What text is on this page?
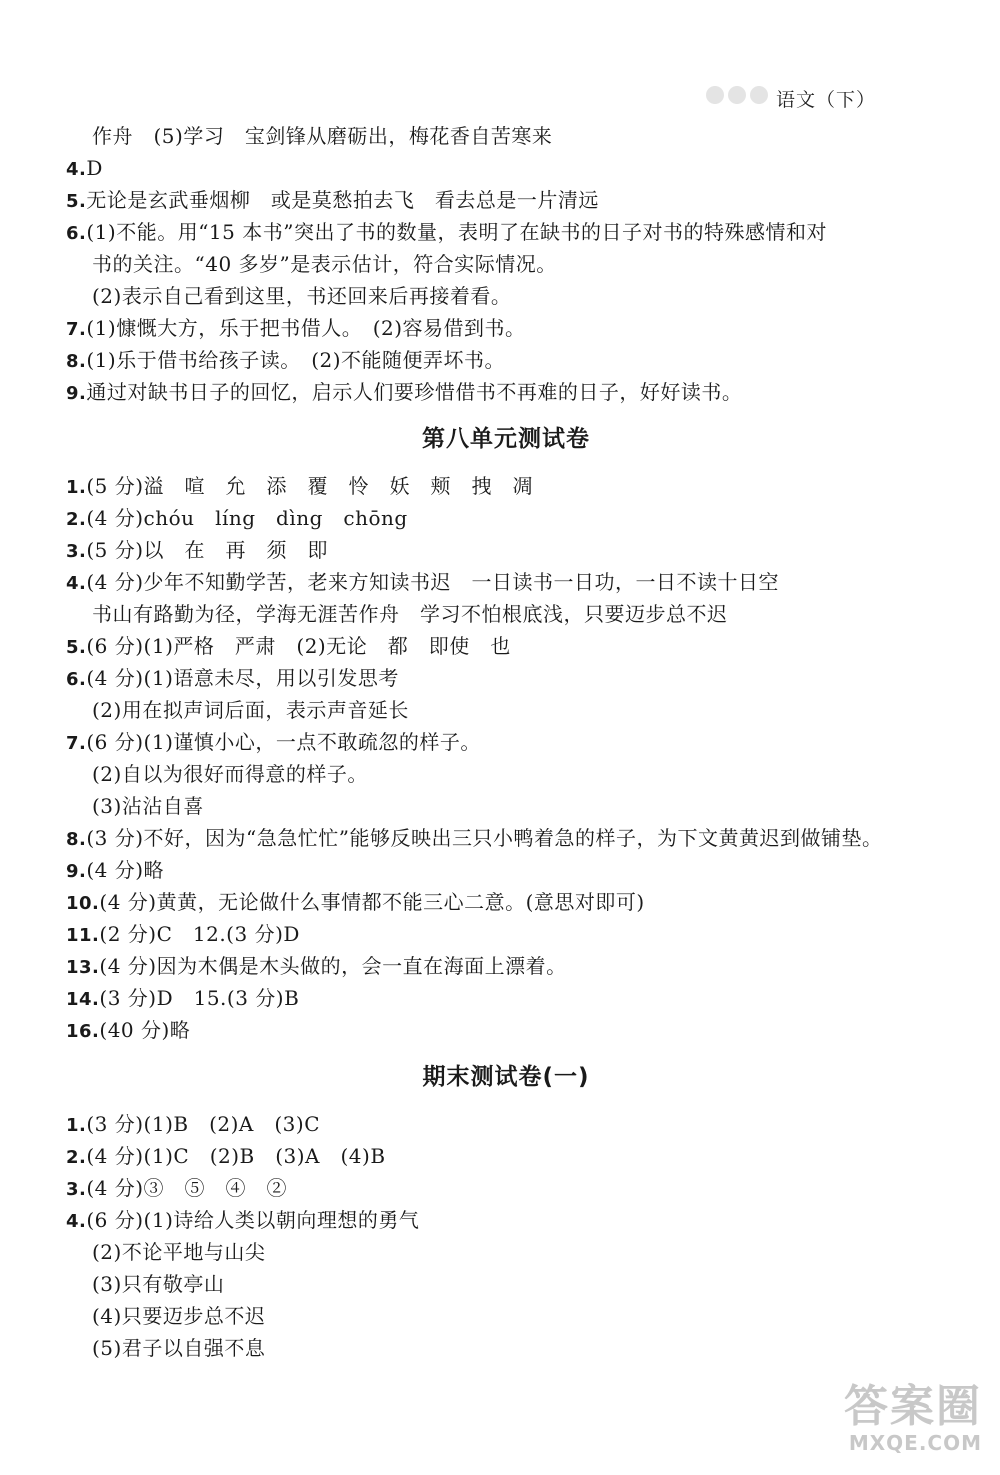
语文（下）
作舟　(5)学习　宝剑锋从磨砺出，梅花香自苦寒来
4.D
5.无论是玄武垂烟柳　或是莫愁拍去飞　看去总是一片清远
6.(1)不能。用“15 本书”突出了书的数量，表明了在缺书的日子对书的特殊感情和对
书的关注。“40 多岁”是表示估计，符合实际情况。
(2)表示自己看到这里，书还回来后再接着看。
7.(1)慷慨大方，乐于把书借人。　(2)容易借到书。
8.(1)乐于借书给孩子读。　(2)不能随便弄坏书。
9.通过对缺书日子的回忆，启示人们要珍惜借书不再难的日子，好好读书。
第八单元测试卷
1.(5 分)溢　喧　允　添　覆　怜　妖　颊　拽　凋
2.(4 分)chóu　líng　dìng　chōng
3.(5 分)以　在　再　须　即
4.(4 分)少年不知勤学苦，老来方知读书迟　一日读书一日功，一日不读十日空
书山有路勤为径，学海无涯苦作舟　学习不怕根底浅，只要迈步总不迟
5.(6 分)(1)严格　严肃　(2)无论　都　即使　也
6.(4 分)(1)语意未尽，用以引发思考
(2)用在拟声词后面，表示声音延长
7.(6 分)(1)谨慎小心，一点不敢疏忽的样子。
(2)自以为很好而得意的样子。
(3)沾沾自喜
8.(3 分)不好，因为“急急忙忙”能够反映出三只小鸭着急的样子，为下文黄黄迟到做铺垫。
9.(4 分)略
10.(4 分)黄黄，无论做什么事情都不能三心二意。(意思对即可)
11.(2 分)C　12.(3 分)D
13.(4 分)因为木偶是木头做的，会一直在海面上漂着。
14.(3 分)D　15.(3 分)B
16.(40 分)略
期末测试卷(一)
1.(3 分)(1)B　(2)A　(3)C
2.(4 分)(1)C　(2)B　(3)A　(4)B
3.(4 分)③　⑤　④　②
4.(6 分)(1)诗给人类以朝向理想的勇气
(2)不论平地与山尖
(3)只有敬亭山
(4)只要迈步总不迟
(5)君子以自强不息
答案圈
MXQE.COM
